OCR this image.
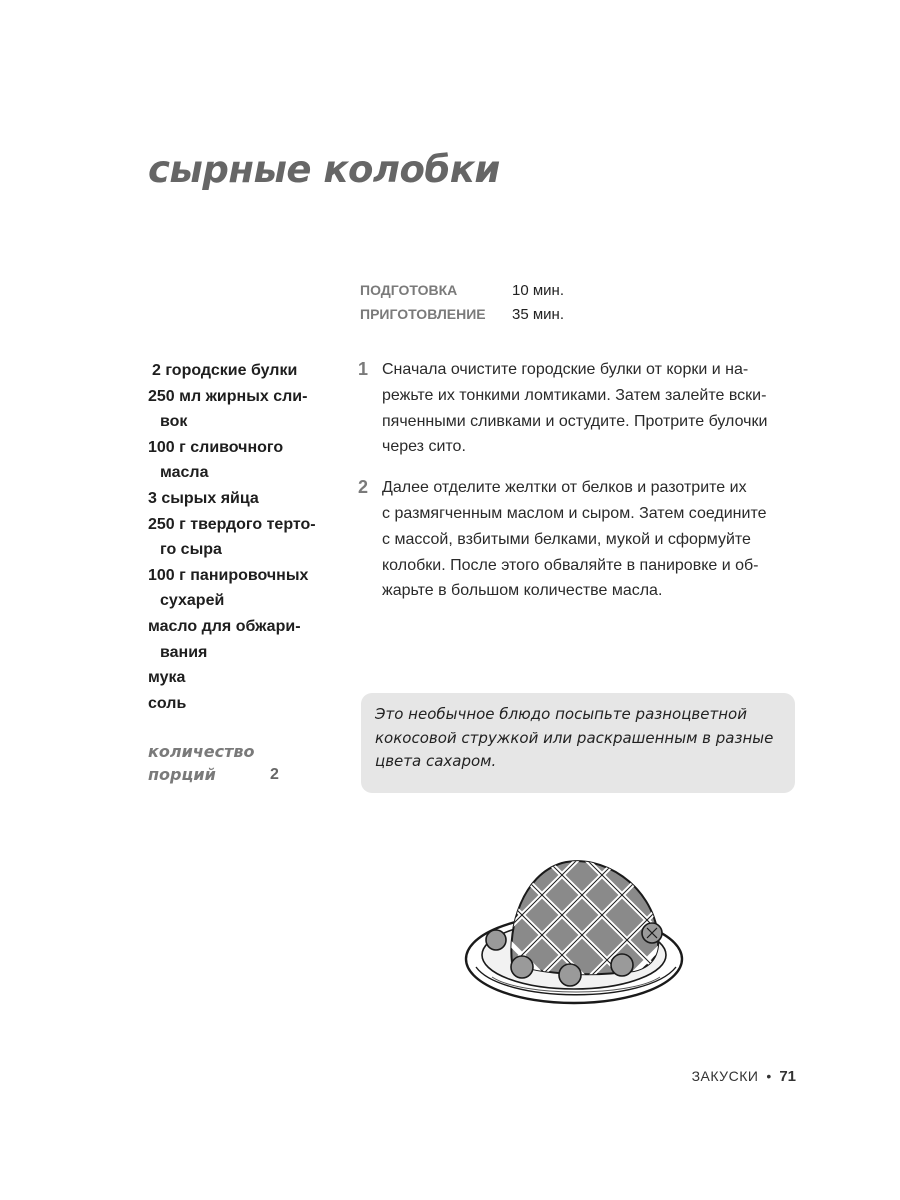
сырные колобки
ПОДГОТОВКА	10 мин.
ПРИГОТОВЛЕНИЕ	35 мин.
2 городские булки
250 мл жирных сли-
вок
100 г сливочного
масла
3 сырых яйца
250 г твердого терто-
го сыра
100 г панировочных
сухарей
масло для обжари-
вания
мука
соль
количество
порций	2
1 Сначала очистите городские булки от корки и на-
режьте их тонкими ломтиками. Затем залейте вски-
пяченными сливками и остудите. Протрите булочки
через сито.
2 Далее отделите желтки от белков и разотрите их
с размягченным маслом и сыром. Затем соедините
с массой, взбитыми белками, мукой и сформуйте
колобки. После этого обваляйте в панировке и об-
жарьте в большом количестве масла.
Это необычное блюдо посыпьте разноцветной
кокосовой стружкой или раскрашенным в разные
цвета сахаром.
ЗАКУСКИ • 71
